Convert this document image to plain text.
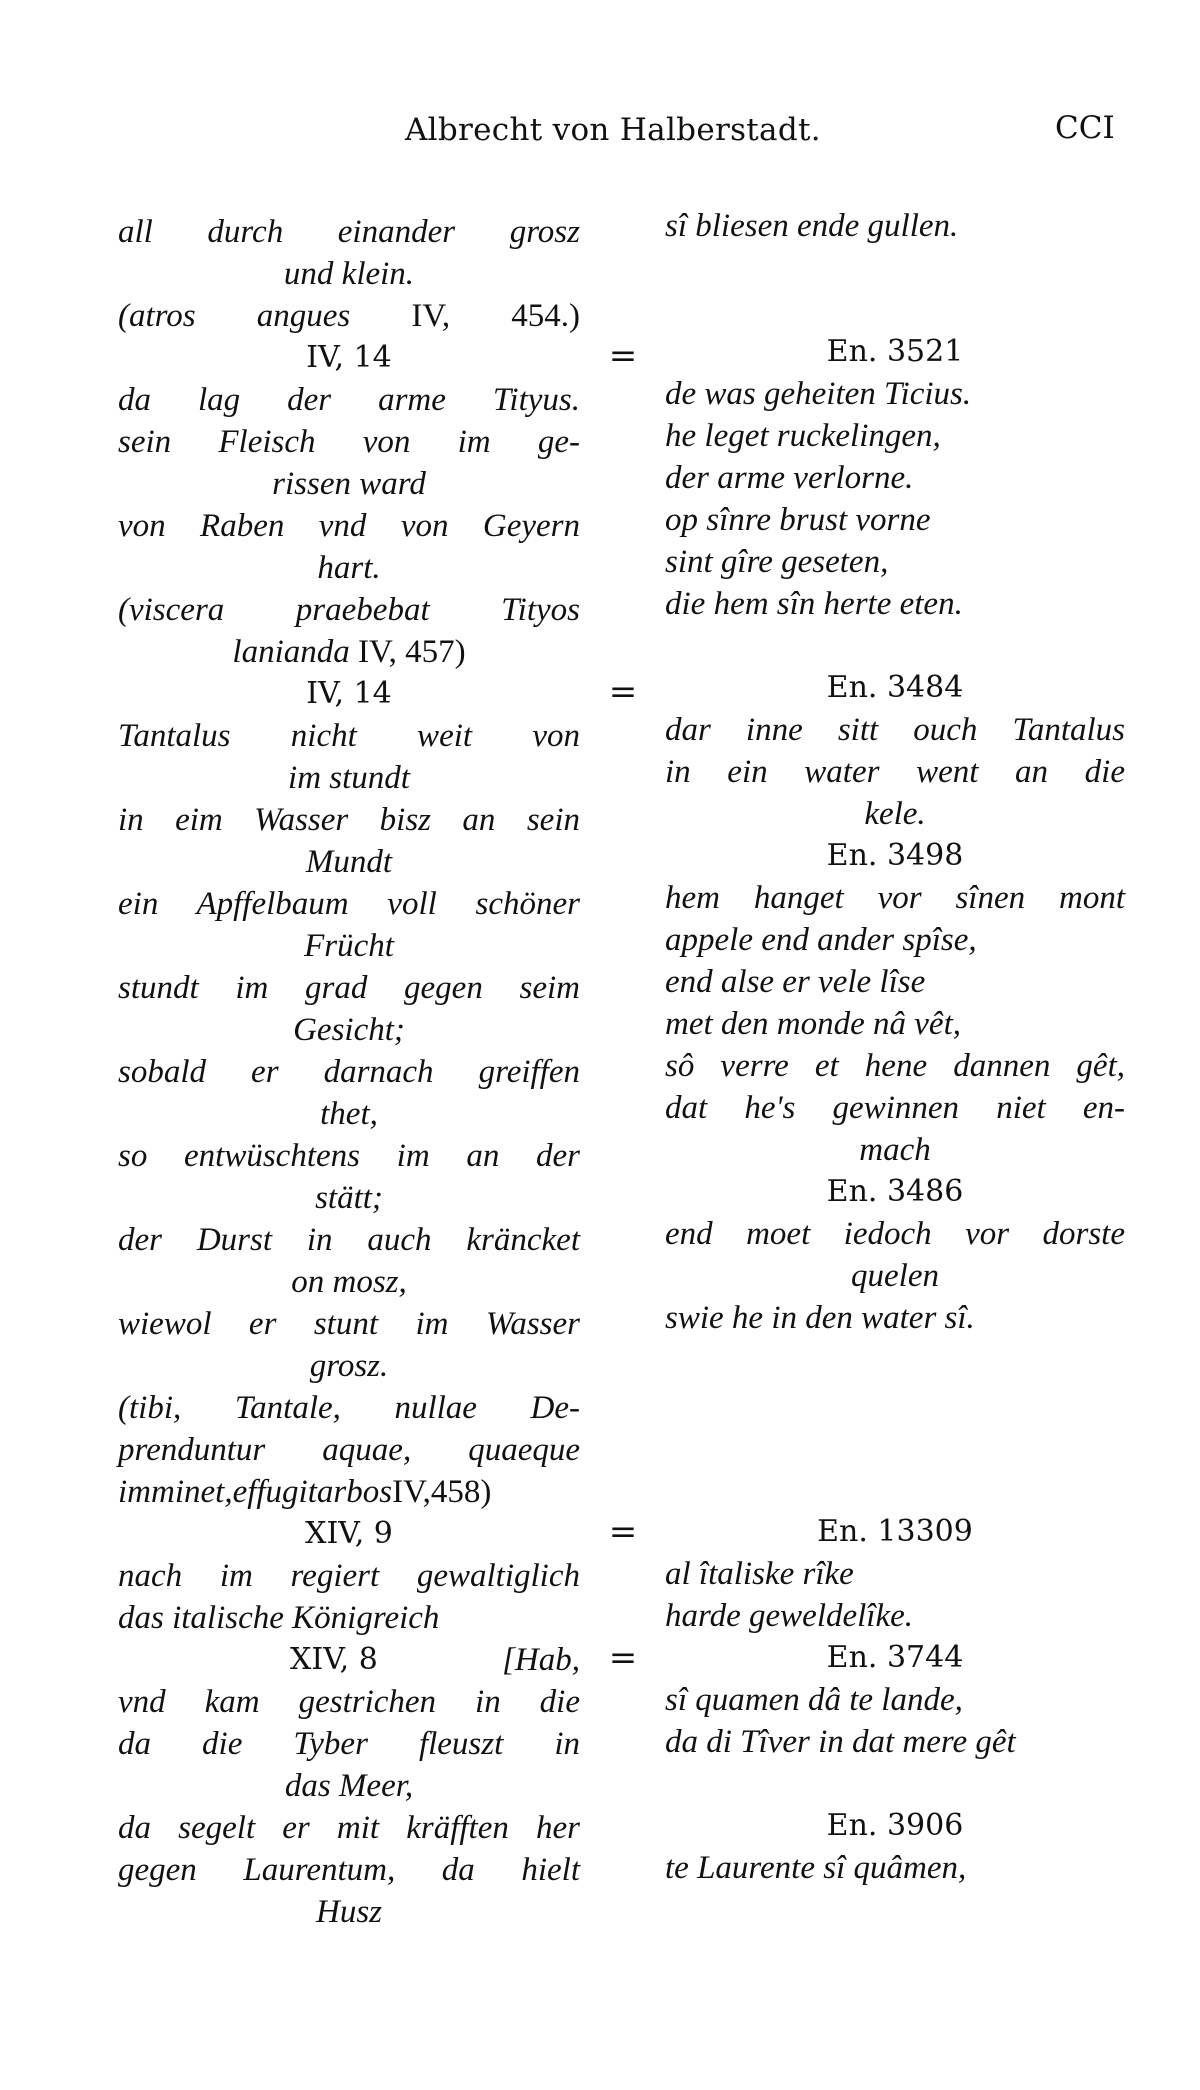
Albrecht von Halberstadt.	CCI
all durch einander grosz
und klein.
(atros angues IV, 454.)
IV, 14
da lag der arme Tityus.
sein Fleisch von im ge-
rissen ward
von Raben vnd von Geyern
hart.
(viscera praebebat Tityos
lanianda IV, 457)
IV, 14
Tantalus nicht weit von
im stundt
in eim Wasser bisz an sein
Mundt
ein Apffelbaum voll schöner
Frücht
stundt im grad gegen seim
Gesicht;
sobald er darnach greiffen
thet,
so entwüschtens im an der
stätt;
der Durst in auch kräncket
on mosz,
wiewol er stunt im Wasser
grosz.
(tibi, Tantale, nullae De-
prenduntur aquae, quaeque
imminet,effugitarbosIV,458)
XIV, 9
nach im regiert gewaltiglich
das italische Königreich
XIV, 8	[Hab,
vnd kam gestrichen in die
da die Tyber fleuszt in
das Meer,
da segelt er mit kräfften her
gegen Laurentum, da hielt
Husz
=
=
=
=
sî bliesen ende gullen.
En. 3521
de was geheiten Ticius.
he leget ruckelingen,
der arme verlorne.
op sînre brust vorne
sint gîre geseten,
die hem sîn herte eten.
En. 3484
dar inne sitt ouch Tantalus
in ein water went an die
kele.
En. 3498
hem hanget vor sînen mont
appele end ander spîse,
end alse er vele lîse
met den monde nâ vêt,
sô verre et hene dannen gêt,
dat he's gewinnen niet en-
mach
En. 3486
end moet iedoch vor dorste
quelen
swie he in den water sî.
En. 13309
al îtaliske rîke
harde geweldelîke.
En. 3744
sî quamen dâ te lande,
da di Tîver in dat mere gêt
En. 3906
te Laurente sî quâmen,
